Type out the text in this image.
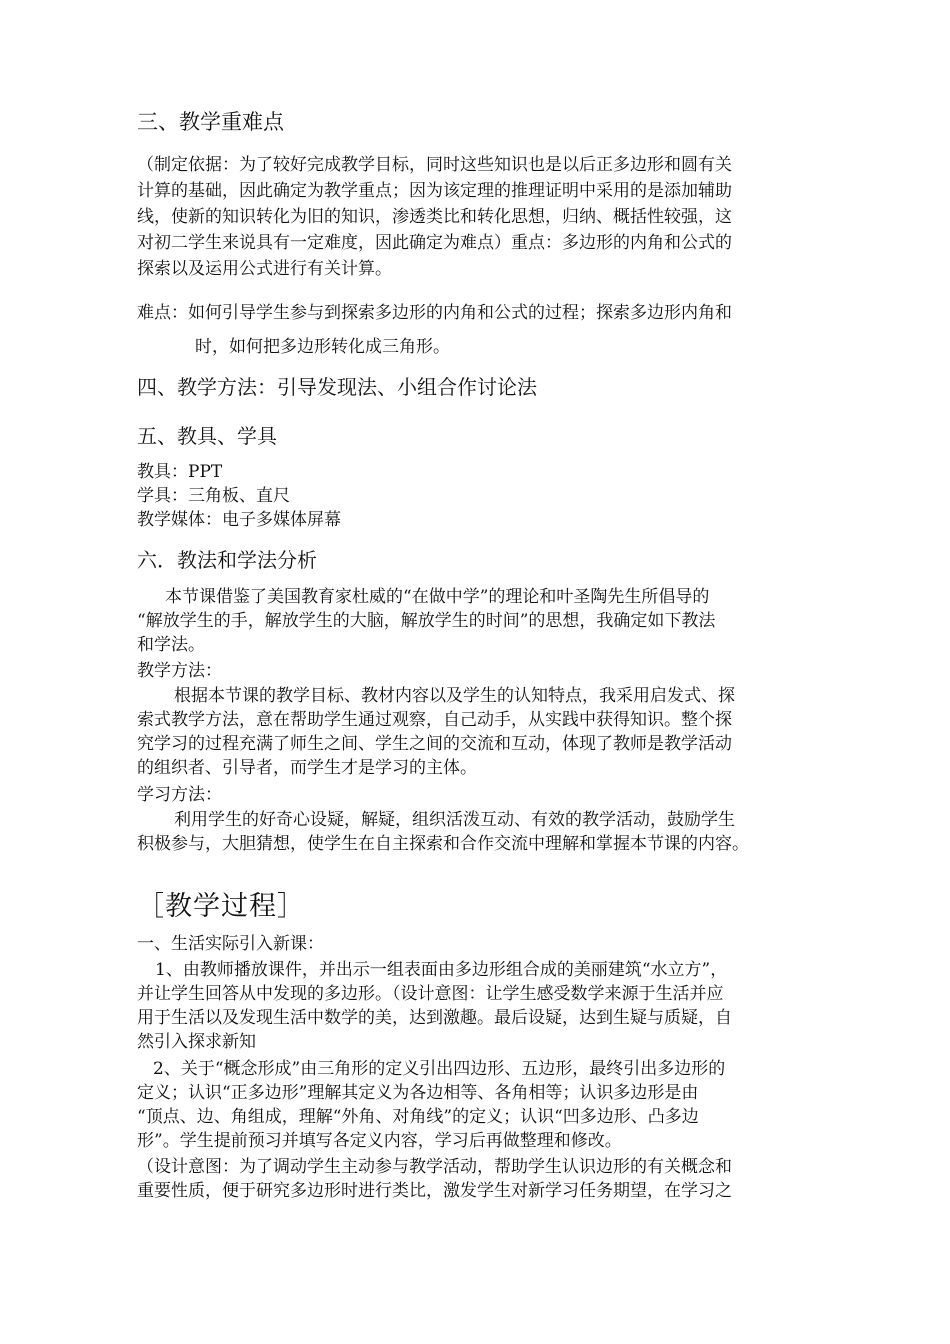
三、教学重难点
（制定依据：为了较好完成教学目标，同时这些知识也是以后正多边形和圆有关
计算的基础，因此确定为教学重点；因为该定理的推理证明中采用的是添加辅助
线，使新的知识转化为旧的知识，渗透类比和转化思想，归纳、概括性较强，这
对初二学生来说具有一定难度，因此确定为难点）重点：多边形的内角和公式的
探索以及运用公式进行有关计算。
难点：如何引导学生参与到探索多边形的内角和公式的过程；探索多边形内角和
时，如何把多边形转化成三角形。
四、教学方法：引导发现法、小组合作讨论法
五、教具、学具
教具：PPT
学具：三角板、直尺
教学媒体：电子多媒体屏幕
六．教法和学法分析
本节课借鉴了美国教育家杜威的“在做中学”的理论和叶圣陶先生所倡导的
“解放学生的手，解放学生的大脑，解放学生的时间”的思想，我确定如下教法
和学法。
教学方法：
根据本节课的教学目标、教材内容以及学生的认知特点，我采用启发式、探
索式教学方法，意在帮助学生通过观察，自己动手，从实践中获得知识。整个探
究学习的过程充满了师生之间、学生之间的交流和互动，体现了教师是教学活动
的组织者、引导者，而学生才是学习的主体。
学习方法：
利用学生的好奇心设疑，解疑，组织活泼互动、有效的教学活动，鼓励学生
积极参与，大胆猜想，使学生在自主探索和合作交流中理解和掌握本节课的内容。
［教学过程］
一、生活实际引入新课：
1、由教师播放课件，并出示一组表面由多边形组合成的美丽建筑“水立方”，
并让学生回答从中发现的多边形。（设计意图：让学生感受数学来源于生活并应
用于生活以及发现生活中数学的美，达到激趣。最后设疑，达到生疑与质疑，自
然引入探求新知
2、关于“概念形成”由三角形的定义引出四边形、五边形，最终引出多边形的
定义；认识“正多边形”理解其定义为各边相等、各角相等；认识多边形是由
“顶点、边、角组成，理解“外角、对角线”的定义；认识“凹多边形、凸多边
形”。学生提前预习并填写各定义内容，学习后再做整理和修改。
（设计意图：为了调动学生主动参与教学活动，帮助学生认识边形的有关概念和
重要性质，便于研究多边形时进行类比，激发学生对新学习任务期望，在学习之
